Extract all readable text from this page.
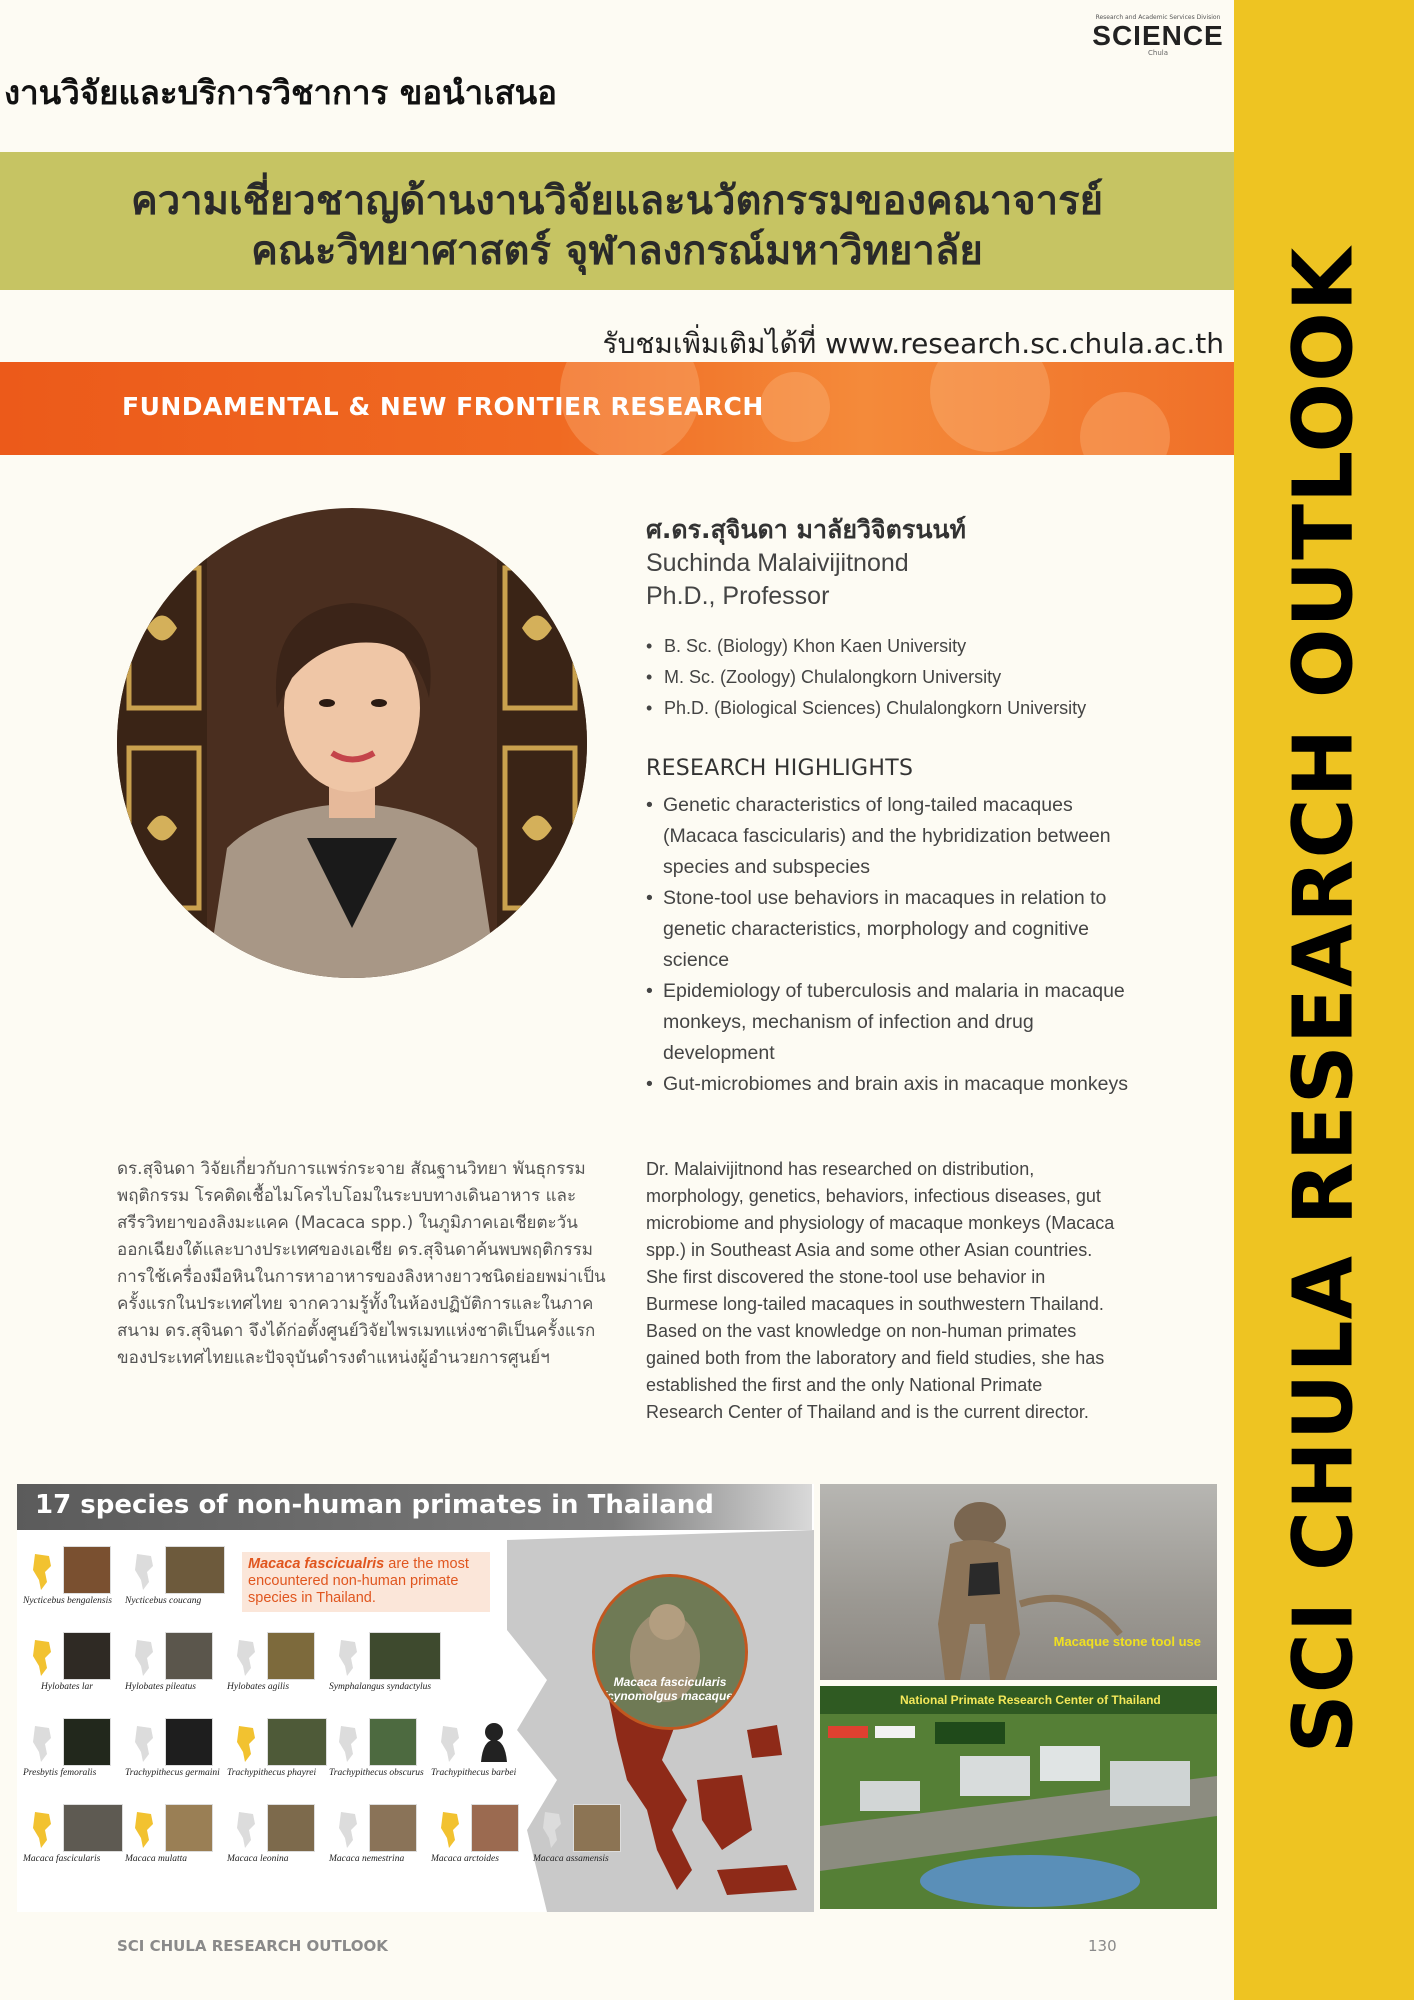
SCI CHULA RESEARCH OUTLOOK
Research and Academic Services Division
SCIENCE
Chula
งานวิจัยและบริการวิชาการ ขอนำเสนอ
ความเชี่ยวชาญด้านงานวิจัยและนวัตกรรมของคณาจารย์
คณะวิทยาศาสตร์ จุฬาลงกรณ์มหาวิทยาลัย
รับชมเพิ่มเติมได้ที่ www.research.sc.chula.ac.th
FUNDAMENTAL & NEW FRONTIER RESEARCH
ศ.ดร.สุจินดา มาลัยวิจิตรนนท์
Suchinda Malaivijitnond
Ph.D., Professor
• B. Sc. (Biology) Khon Kaen University
• M. Sc. (Zoology) Chulalongkorn University
• Ph.D. (Biological Sciences) Chulalongkorn University
RESEARCH HIGHLIGHTS
• Genetic characteristics of long-tailed macaques (Macaca fascicularis) and the hybridization between species and subspecies
• Stone-tool use behaviors in macaques in relation to genetic characteristics, morphology and cognitive science
• Epidemiology of tuberculosis and malaria in macaque monkeys, mechanism of infection and drug development
• Gut-microbiomes and brain axis in macaque monkeys
ดร.สุจินดา วิจัยเกี่ยวกับการแพร่กระจาย สัณฐานวิทยา พันธุกรรม พฤติกรรม โรคติดเชื้อไมโครไบโอมในระบบทางเดินอาหาร และสรีรวิทยาของลิงมะแคค (Macaca spp.) ในภูมิภาคเอเชียตะวันออกเฉียงใต้และบางประเทศของเอเชีย ดร.สุจินดาค้นพบพฤติกรรมการใช้เครื่องมือหินในการหาอาหารของลิงหางยาวชนิดย่อยพม่าเป็นครั้งแรกในประเทศไทย จากความรู้ทั้งในห้องปฏิบัติการและในภาคสนาม ดร.สุจินดา จึงได้ก่อตั้งศูนย์วิจัยไพรเมทแห่งชาติเป็นครั้งแรกของประเทศไทยและปัจจุบันดำรงตำแหน่งผู้อำนวยการศูนย์ฯ
Dr. Malaivijitnond has researched on distribution, morphology, genetics, behaviors, infectious diseases, gut microbiome and physiology of macaque monkeys (Macaca spp.) in Southeast Asia and some other Asian countries. She first discovered the stone-tool use behavior in Burmese long-tailed macaques in southwestern Thailand. Based on the vast knowledge on non-human primates gained both from the laboratory and field studies, she has established the first and the only National Primate Research Center of Thailand and is the current director.
17 species of non-human primates in Thailand
Macaca fascicualris are the most encountered non-human primate species in Thailand.
Macaca fascicularis
(cynomolgus macaque)
Nycticebus bengalensis Nycticebus coucang
Hylobates lar	Hylobates pileatus	Hylobates agilis	Symphalangus syndactylus
Presbytis femoralis	Trachypithecus germaini Trachypithecus phayrei Trachypithecus obscurus Trachypithecus barbei
Macaca fascicularis	Macaca mulatta	Macaca leonina	Macaca nemestrina	Macaca arctoides	Macaca assamensis
Macaque stone tool use
National Primate Research Center of Thailand
SCI CHULA RESEARCH OUTLOOK	130
